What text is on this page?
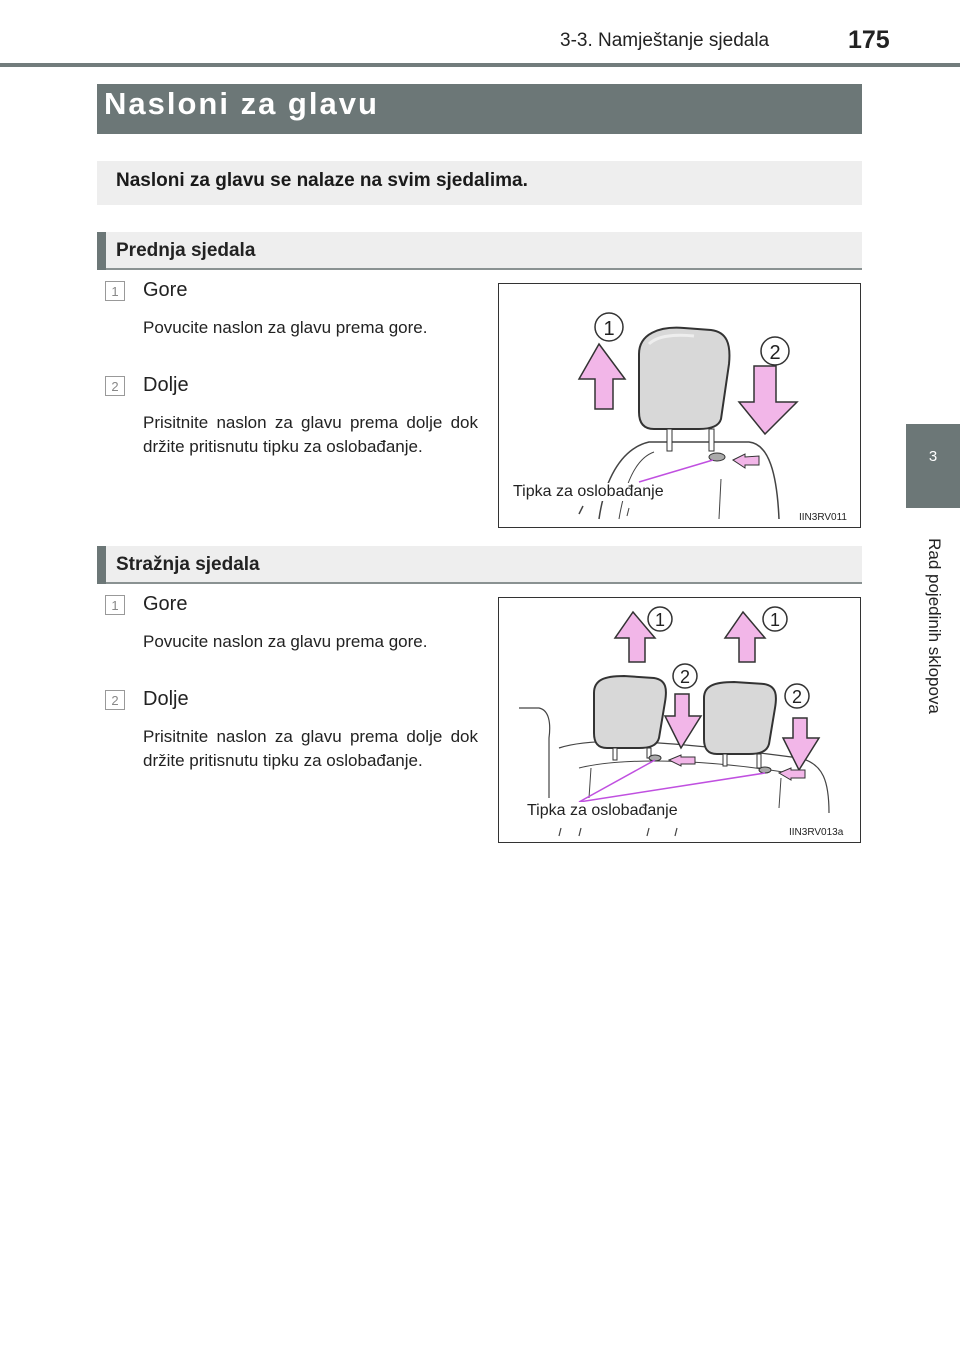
3-3. Namještanje sjedala	175
3
Rad pojedinih sklopova
Nasloni za glavu
Nasloni za glavu se nalaze na svim sjedalima.
Prednja sjedala
1	Gore
Povucite naslon za glavu prema gore.
2	Dolje
Prisitnite naslon za glavu prema dolje dok držite pritisnutu tipku za oslobađanje.
1
2
Tipka za oslobađanje
IIN3RV011
Stražnja sjedala
1	Gore
Povucite naslon za glavu prema gore.
2	Dolje
Prisitnite naslon za glavu prema dolje dok držite pritisnutu tipku za oslobađanje.
1	1
2
2
Tipka za oslobađanje
IIN3RV013a
